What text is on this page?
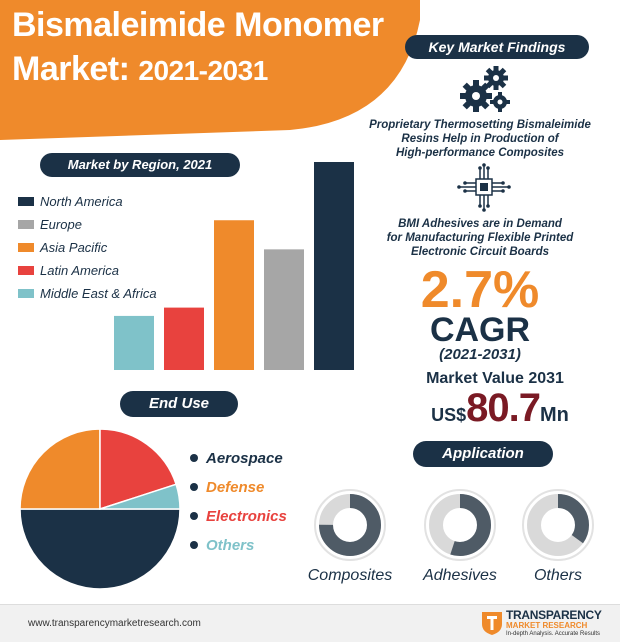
Bismaleimide Monomer
Market: 2021-2031
Market by Region, 2021
North America
Europe
Asia Pacific
Latin America
Middle East & Africa
End Use
Aerospace
Defense
Electronics
Others
Key Market Findings
Proprietary Thermosetting Bismaleimide
Resins Help in Production of
High-performance Composites
BMI Adhesives are in Demand
for Manufacturing Flexible Printed
Electronic Circuit Boards
2.7%
CAGR
(2021-2031)
Market Value 2031
US$80.7Mn
Application
Composites	Adhesives	Others
www.transparencymarketresearch.com
TRANSPARENCY
MARKET RESEARCH
In-depth Analysis. Accurate Results
